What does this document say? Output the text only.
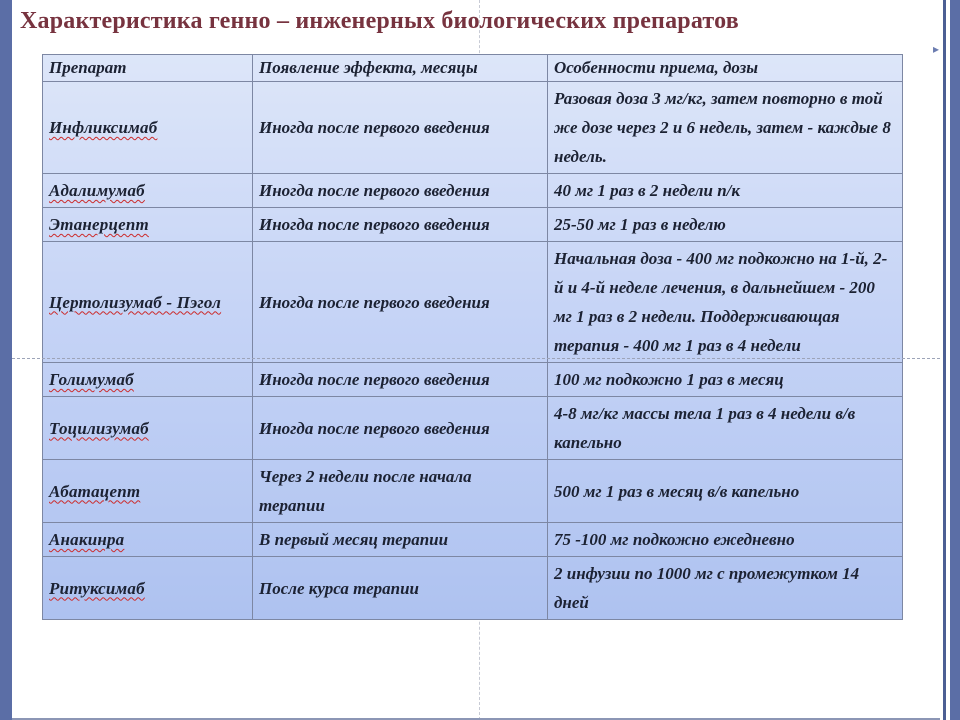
▸
Характеристика генно – инженерных биологических препаратов
Препарат	Появление эффекта, месяцы	Особенности приема, дозы
Инфликсимаб	Иногда после первого введения	Разовая доза 3 мг/кг, затем повторно в той же дозе через 2 и 6 недель, затем - каждые 8 недель.
Адалимумаб	Иногда после первого введения	40 мг 1 раз в 2 недели п/к
Этанерцепт	Иногда после первого введения	25-50 мг 1 раз в неделю
Цертолизумаб - Пэгол	Иногда после первого введения	Начальная доза - 400 мг подкожно на 1-й, 2-й и 4-й неделе лечения, в дальнейшем - 200 мг 1 раз в 2 недели. Поддерживающая терапия - 400 мг 1 раз в 4 недели
Голимумаб	Иногда после первого введения	100 мг подкожно 1 раз в месяц
Тоцилизумаб	Иногда после первого введения	4-8 мг/кг массы тела 1 раз в 4 недели в/в капельно
Абатацепт	Через 2 недели после начала терапии	500 мг 1 раз в месяц в/в капельно
Анакинра	В первый месяц терапии	75 -100 мг подкожно ежедневно
Ритуксимаб	После курса терапии	2 инфузии по 1000 мг с промежутком 14 дней
